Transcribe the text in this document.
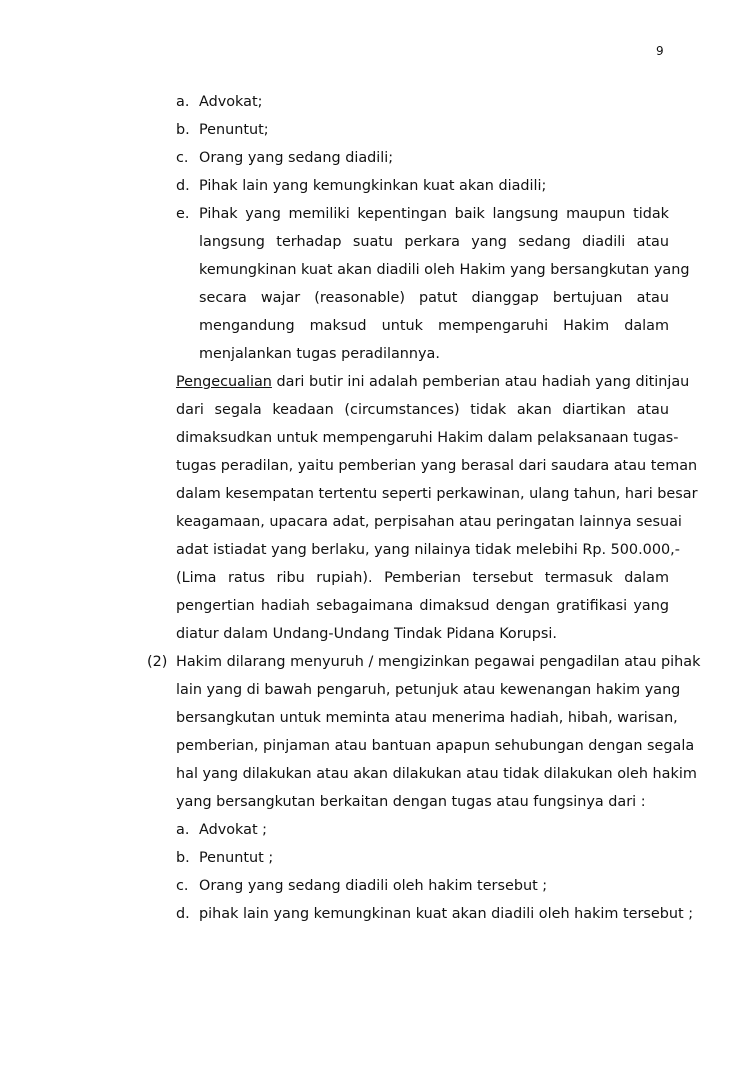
9
a. Advokat;
b. Penuntut;
c. Orang yang sedang diadili;
d. Pihak lain yang kemungkinkan kuat akan diadili;
e. Pihak yang memiliki kepentingan baik langsung maupun tidak
langsung terhadap suatu perkara yang sedang diadili atau
kemungkinan kuat akan diadili oleh Hakim yang bersangkutan yang
secara wajar (reasonable) patut dianggap bertujuan atau
mengandung maksud untuk mempengaruhi Hakim dalam
menjalankan tugas peradilannya.
Pengecualian dari butir ini adalah pemberian atau hadiah yang ditinjau
dari segala keadaan (circumstances) tidak akan diartikan atau
dimaksudkan untuk mempengaruhi Hakim dalam pelaksanaan tugas-
tugas peradilan, yaitu pemberian yang berasal dari saudara atau teman
dalam kesempatan tertentu seperti perkawinan, ulang tahun, hari besar
keagamaan, upacara adat, perpisahan atau peringatan lainnya sesuai
adat istiadat yang berlaku, yang nilainya tidak melebihi Rp. 500.000,-
(Lima ratus ribu rupiah). Pemberian tersebut termasuk dalam
pengertian hadiah sebagaimana dimaksud dengan gratifikasi yang
diatur dalam Undang-Undang Tindak Pidana Korupsi.
(2) Hakim dilarang menyuruh / mengizinkan pegawai pengadilan atau pihak
lain yang di bawah pengaruh, petunjuk atau kewenangan hakim yang
bersangkutan untuk meminta atau menerima hadiah, hibah, warisan,
pemberian, pinjaman atau bantuan apapun sehubungan dengan segala
hal yang dilakukan atau akan dilakukan atau tidak dilakukan oleh hakim
yang bersangkutan berkaitan dengan tugas atau fungsinya dari :
a. Advokat ;
b. Penuntut ;
c. Orang yang sedang diadili oleh hakim tersebut ;
d. pihak lain yang kemungkinan kuat akan diadili oleh hakim tersebut ;
